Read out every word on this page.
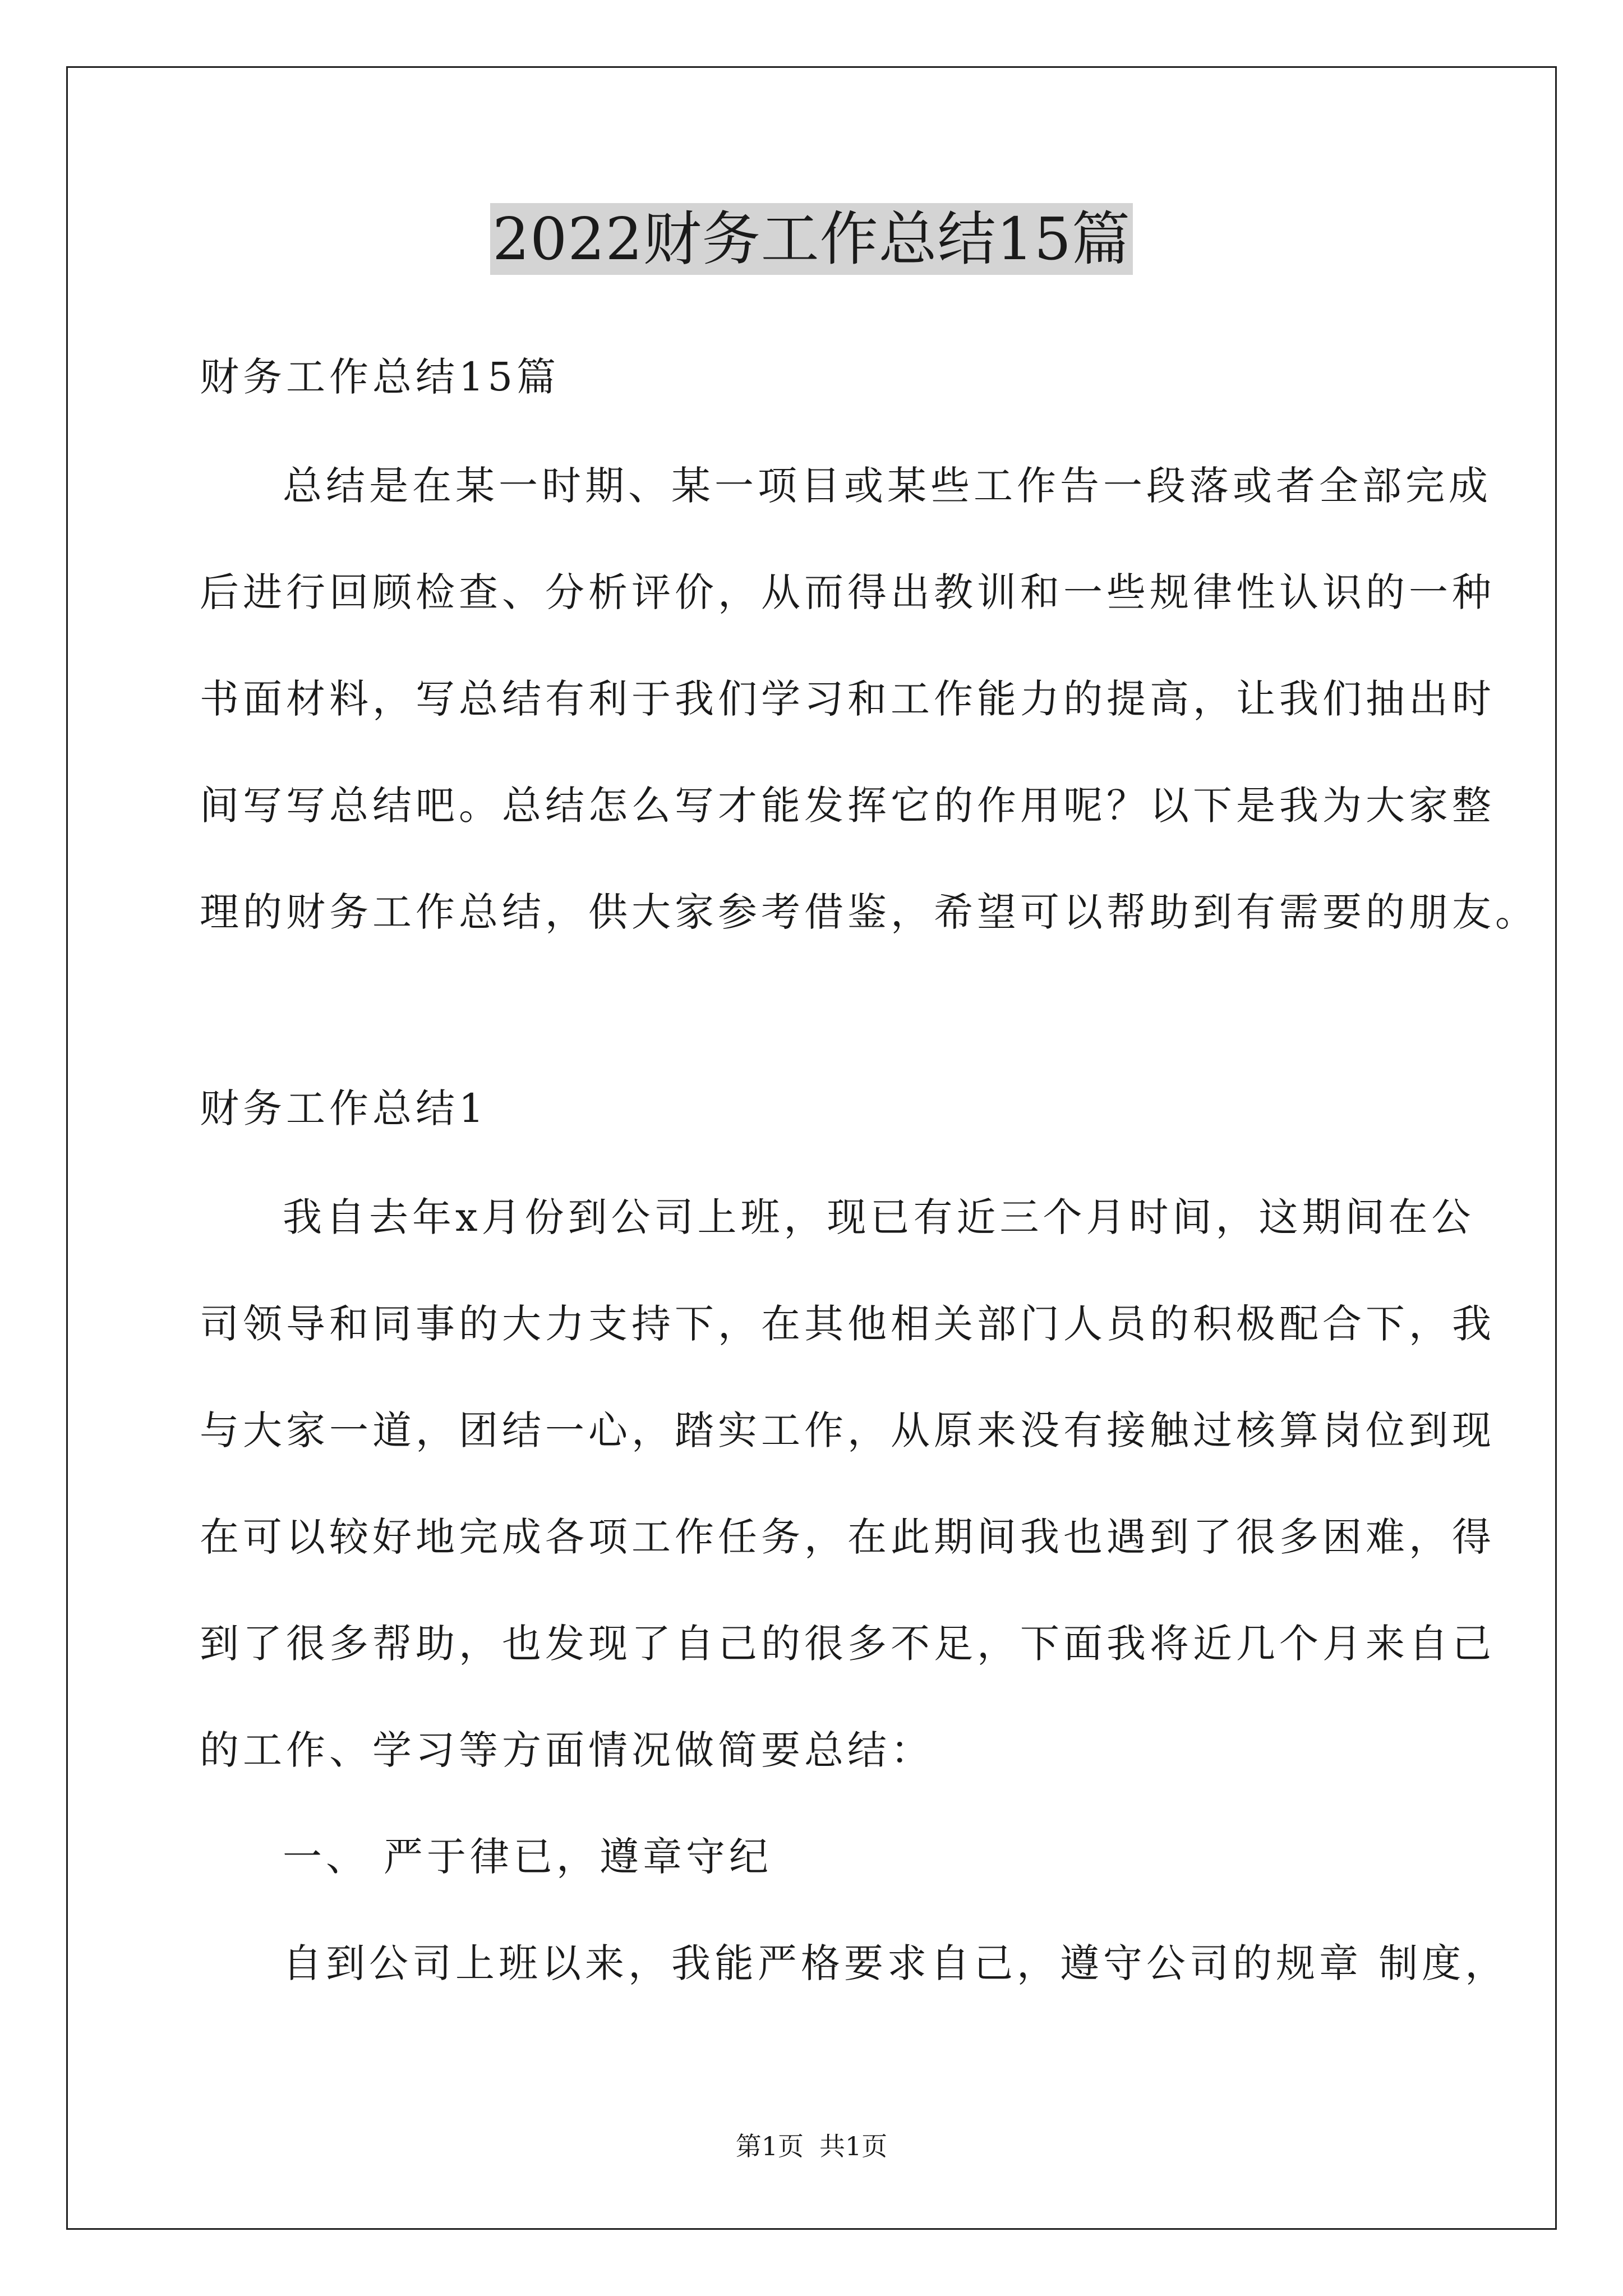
2022财务工作总结15篇
财务工作总结15篇
总结是在某一时期、某一项目或某些工作告一段落或者全部完成
后进行回顾检查、分析评价，从而得出教训和一些规律性认识的一种
书面材料，写总结有利于我们学习和工作能力的提高，让我们抽出时
间写写总结吧。总结怎么写才能发挥它的作用呢？以下是我为大家整
理的财务工作总结，供大家参考借鉴，希望可以帮助到有需要的朋友。
财务工作总结1
我自去年x月份到公司上班，现已有近三个月时间，这期间在公
司领导和同事的大力支持下，在其他相关部门人员的积极配合下，我
与大家一道，团结一心，踏实工作，从原来没有接触过核算岗位到现
在可以较好地完成各项工作任务，在此期间我也遇到了很多困难，得
到了很多帮助，也发现了自己的很多不足，下面我将近几个月来自己
的工作、学习等方面情况做简要总结：
一、 严于律已，遵章守纪
自到公司上班以来，我能严格要求自己，遵守公司的规章 制度，
第1页 共1页
